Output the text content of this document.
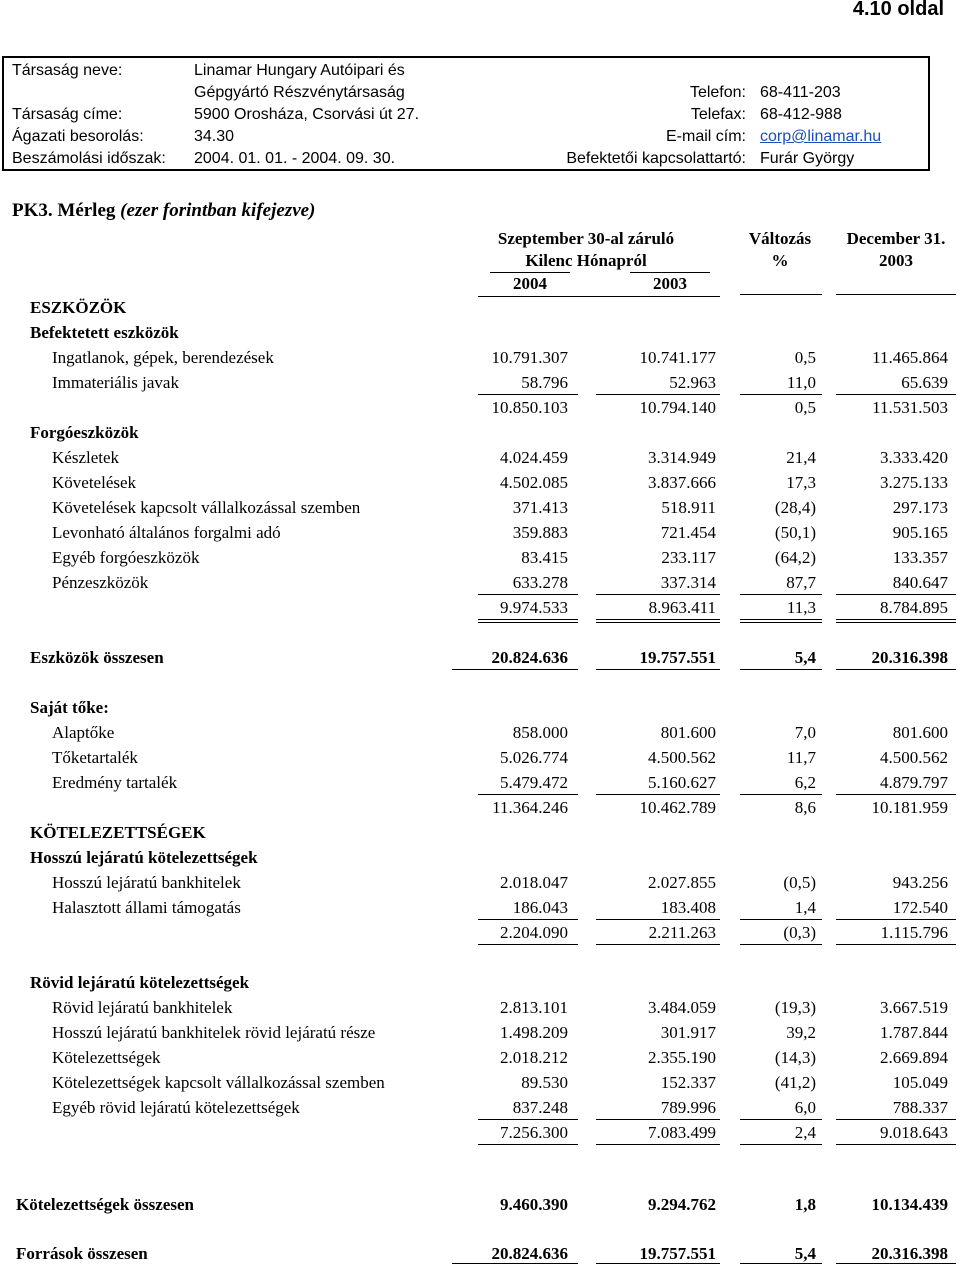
4.10 oldal
Társaság neve:	Linamar Hungary Autóipari és
Gépgyártó Részvénytársaság	Telefon: 68-411-203
Társaság címe:	5900 Orosháza, Csorvási út 27.	Telefax: 68-412-988
Ágazati besorolás:	34.30	E-mail cím: corp@linamar.hu
Beszámolási időszak: 2004. 01. 01. - 2004. 09. 30.	Befektetői kapcsolattartó: Furár György
PK3. Mérleg (ezer forintban kifejezve)
Szeptember 30-al záruló
Kilenc Hónapról
2004	2003
Változás
%
December 31.
2003
ESZKÖZÖK
Befektetett eszközök
Ingatlanok, gépek, berendezések	10.791.307	10.741.177	0,5	11.465.864
Immateriális javak	58.796	52.963	11,0	65.639
10.850.103	10.794.140	0,5	11.531.503
Forgóeszközök
Készletek	4.024.459	3.314.949	21,4	3.333.420
Követelések	4.502.085	3.837.666	17,3	3.275.133
Követelések kapcsolt vállalkozással szemben	371.413	518.911	(28,4)	297.173
Levonható általános forgalmi adó	359.883	721.454	(50,1)	905.165
Egyéb forgóeszközök	83.415	233.117	(64,2)	133.357
Pénzeszközök	633.278	337.314	87,7	840.647
9.974.533	8.963.411	11,3	8.784.895
Eszközök összesen	20.824.636	19.757.551	5,4	20.316.398
Saját tőke:
Alaptőke	858.000	801.600	7,0	801.600
Tőketartalék	5.026.774	4.500.562	11,7	4.500.562
Eredmény tartalék	5.479.472	5.160.627	6,2	4.879.797
11.364.246	10.462.789	8,6	10.181.959
KÖTELEZETTSÉGEK
Hosszú lejáratú kötelezettségek
Hosszú lejáratú bankhitelek	2.018.047	2.027.855	(0,5)	943.256
Halasztott állami támogatás	186.043	183.408	1,4	172.540
2.204.090	2.211.263	(0,3)	1.115.796
Rövid lejáratú kötelezettségek
Rövid lejáratú bankhitelek	2.813.101	3.484.059	(19,3)	3.667.519
Hosszú lejáratú bankhitelek rövid lejáratú része	1.498.209	301.917	39,2	1.787.844
Kötelezettségek	2.018.212	2.355.190	(14,3)	2.669.894
Kötelezettségek kapcsolt vállalkozással szemben	89.530	152.337	(41,2)	105.049
Egyéb rövid lejáratú kötelezettségek	837.248	789.996	6,0	788.337
7.256.300	7.083.499	2,4	9.018.643
Kötelezettségek összesen	9.460.390	9.294.762	1,8	10.134.439
Források összesen	20.824.636	19.757.551	5,4	20.316.398
